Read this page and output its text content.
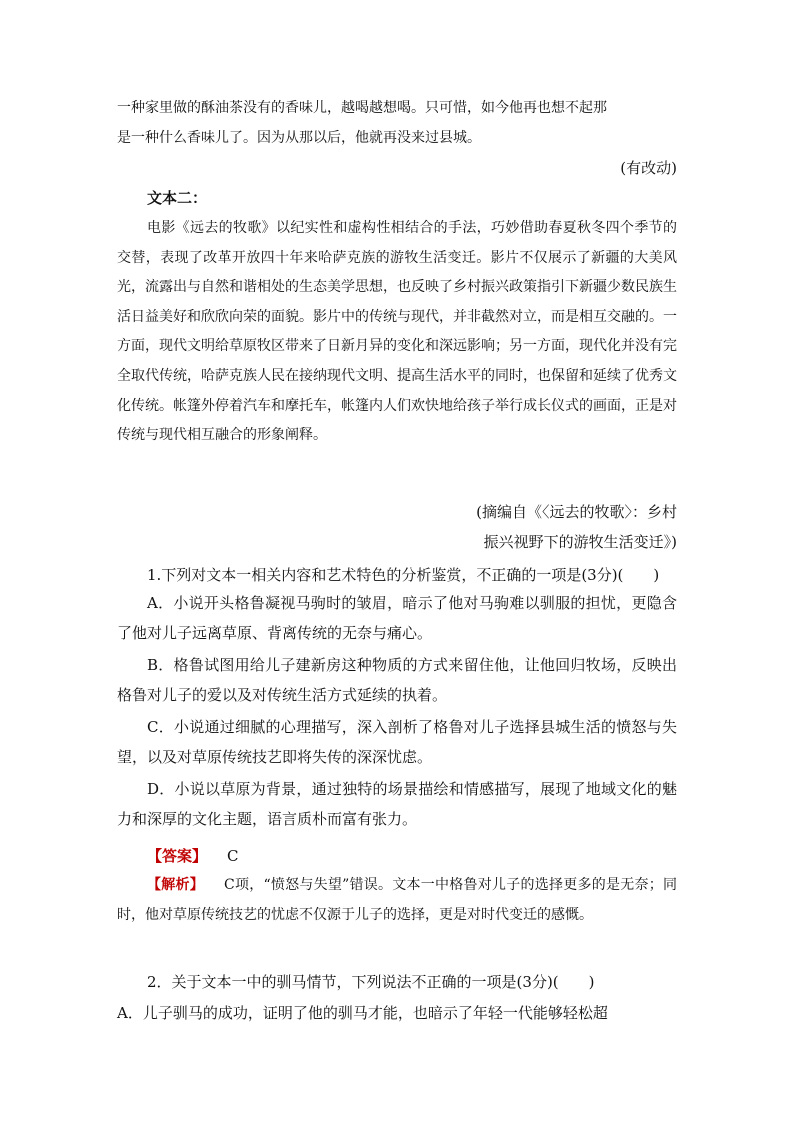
一种家里做的酥油茶没有的香味儿，越喝越想喝。只可惜，如今他再也想不起那
是一种什么香味儿了。因为从那以后，他就再没来过县城。
(有改动)
文本二：
电影《远去的牧歌》以纪实性和虚构性相结合的手法，巧妙借助春夏秋冬四个季节的交替，表现了改革开放四十年来哈萨克族的游牧生活变迁。影片不仅展示了新疆的大美风光，流露出与自然和谐相处的生态美学思想，也反映了乡村振兴政策指引下新疆少数民族生活日益美好和欣欣向荣的面貌。影片中的传统与现代，并非截然对立，而是相互交融的。一方面，现代文明给草原牧区带来了日新月异的变化和深远影响；另一方面，现代化并没有完全取代传统，哈萨克族人民在接纳现代文明、提高生活水平的同时，也保留和延续了优秀文化传统。帐篷外停着汽车和摩托车，帐篷内人们欢快地给孩子举行成长仪式的画面，正是对传统与现代相互融合的形象阐释。
(摘编自《〈远去的牧歌〉：乡村
振兴视野下的游牧生活变迁》)
1.下列对文本一相关内容和艺术特色的分析鉴赏，不正确的一项是(3分)(　　)
A．小说开头格鲁凝视马驹时的皱眉，暗示了他对马驹难以驯服的担忧，更隐含了他对儿子远离草原、背离传统的无奈与痛心。
B．格鲁试图用给儿子建新房这种物质的方式来留住他，让他回归牧场，反映出格鲁对儿子的爱以及对传统生活方式延续的执着。
C．小说通过细腻的心理描写，深入剖析了格鲁对儿子选择县城生活的愤怒与失望，以及对草原传统技艺即将失传的深深忧虑。
D．小说以草原为背景，通过独特的场景描绘和情感描写，展现了地域文化的魅力和深厚的文化主题，语言质朴而富有张力。
【答案】 C
【解析】 C项，“愤怒与失望”错误。文本一中格鲁对儿子的选择更多的是无奈；同时，他对草原传统技艺的忧虑不仅源于儿子的选择，更是对时代变迁的感慨。
2．关于文本一中的驯马情节，下列说法不正确的一项是(3分)(　　)
A．儿子驯马的成功，证明了他的驯马才能，也暗示了年轻一代能够轻松超
